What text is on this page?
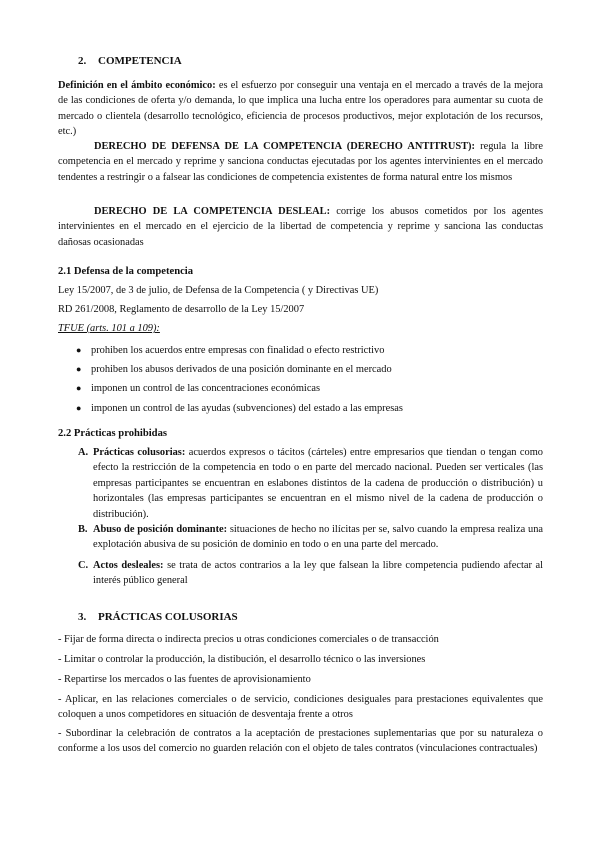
2. COMPETENCIA

Definición en el ámbito económico: es el esfuerzo por conseguir una ventaja en el mercado a través de la mejora de las condiciones de oferta y/o demanda, lo que implica una lucha entre los operadores para aumentar su cuota de mercado o clientela (desarrollo tecnológico, eficiencia de procesos productivos, mejor explotación de los recursos, etc.)

DERECHO DE DEFENSA DE LA COMPETENCIA (DERECHO ANTITRUST): regula la libre competencia en el mercado y reprime y sanciona conductas ejecutadas por los agentes intervinientes en el mercado tendentes a restringir o a falsear las condiciones de competencia existentes de forma natural entre los mismos

DERECHO DE LA COMPETENCIA DESLEAL: corrige los abusos cometidos por los agentes intervinientes en el mercado en el ejercicio de la libertad de competencia y reprime y sanciona las conductas dañosas ocasionadas

2.1 Defensa de la competencia
Ley 15/2007, de 3 de julio, de Defensa de la Competencia ( y Directivas UE)
RD 261/2008, Reglamento de desarrollo de la Ley 15/2007
TFUE (arts. 101 a 109):
● prohiben los acuerdos entre empresas con finalidad o efecto restrictivo
● prohiben los abusos derivados de una posición dominante en el mercado
● imponen un control de las concentraciones económicas
● imponen un control de las ayudas (subvenciones) del estado a las empresas
2.2 Prácticas prohibidas
A. Prácticas colusorias: acuerdos expresos o tácitos (cárteles) entre empresarios que tiendan o tengan como efecto la restricción de la competencia en todo o en parte del mercado nacional. Pueden ser verticales (las empresas participantes se encuentran en eslabones distintos de la cadena de producción o distribución) u horizontales (las empresas participantes se encuentran en el mismo nivel de la cadena de producción o distribución).
B. Abuso de posición dominante: situaciones de hecho no ilícitas per se, salvo cuando la empresa realiza una explotación abusiva de su posición de dominio en todo o en una parte del mercado.
C. Actos desleales: se trata de actos contrarios a la ley que falsean la libre competencia pudiendo afectar al interés público general
3. PRÁCTICAS COLUSORIAS
- Fijar de forma directa o indirecta precios u otras condiciones comerciales o de transacción
- Limitar o controlar la producción, la distibución, el desarrollo técnico o las inversiones
- Repartirse los mercados o las fuentes de aprovisionamiento
- Aplicar, en las relaciones comerciales o de servicio, condiciones desiguales para prestaciones equivalentes que coloquen a unos competidores en situación de desventaja frente a otros
- Subordinar la celebración de contratos a la aceptación de prestaciones suplementarias que por su naturaleza o conforme a los usos del comercio no guarden relación con el objeto de tales contratos (vinculaciones contractuales)
